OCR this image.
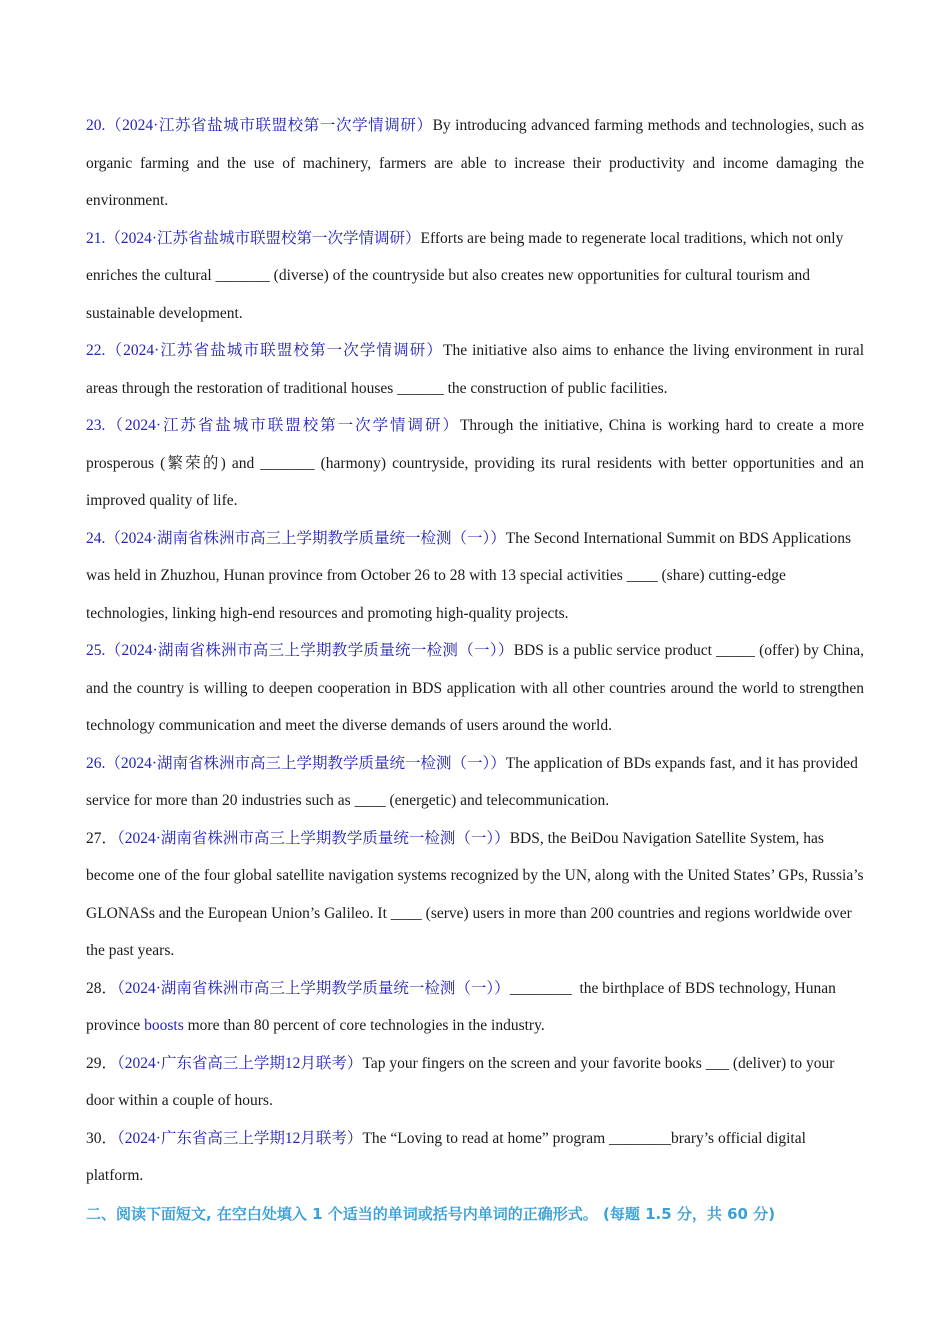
20.（2024·江苏省盐城市联盟校第一次学情调研）By introducing advanced farming methods and technologies, such as organic farming and the use of machinery, farmers are able to increase their productivity and income damaging the environment.

21.（2024·江苏省盐城市联盟校第一次学情调研）Efforts are being made to regenerate local traditions, which not only enriches the cultural _______ (diverse) of the countryside but also creates new opportunities for cultural tourism and sustainable development.

22.（2024·江苏省盐城市联盟校第一次学情调研）The initiative also aims to enhance the living environment in rural areas through the restoration of traditional houses ______ the construction of public facilities.

23.（2024·江苏省盐城市联盟校第一次学情调研）Through the initiative, China is working hard to create a more prosperous (繁荣的) and _______ (harmony) countryside, providing its rural residents with better opportunities and an improved quality of life.

24.（2024·湖南省株洲市高三上学期教学质量统一检测（一））The Second International Summit on BDS Applications was held in Zhuzhou, Hunan province from October 26 to 28 with 13 special activities ____ (share) cutting-edge technologies, linking high-end resources and promoting high-quality projects.

25.（2024·湖南省株洲市高三上学期教学质量统一检测（一））BDS is a public service product _____ (offer) by China, and the country is willing to deepen cooperation in BDS application with all other countries around the world to strengthen technology communication and meet the diverse demands of users around the world.

26.（2024·湖南省株洲市高三上学期教学质量统一检测（一））The application of BDs expands fast, and it has provided service for more than 20 industries such as ____ (energetic) and telecommunication.

27．（2024·湖南省株洲市高三上学期教学质量统一检测（一））BDS, the BeiDou Navigation Satellite System, has become one of the four global satellite navigation systems recognized by the UN, along with the United States’ GPs, Russia’s GLONASs and the European Union’s Galileo. It ____ (serve) users in more than 200 countries and regions worldwide over the past years.

28．（2024·湖南省株洲市高三上学期教学质量统一检测（一））________  the birthplace of BDS technology, Hunan province boosts more than 80 percent of core technologies in the industry.

29．（2024·广东省高三上学期12月联考）Tap your fingers on the screen and your favorite books ___ (deliver) to your door within a couple of hours.

30．（2024·广东省高三上学期12月联考）The “Loving to read at home” program ________brary’s official digital platform.

二、阅读下面短文, 在空白处填入 1 个适当的单词或括号内单词的正确形式。 (每题 1.5 分，共 60 分)
